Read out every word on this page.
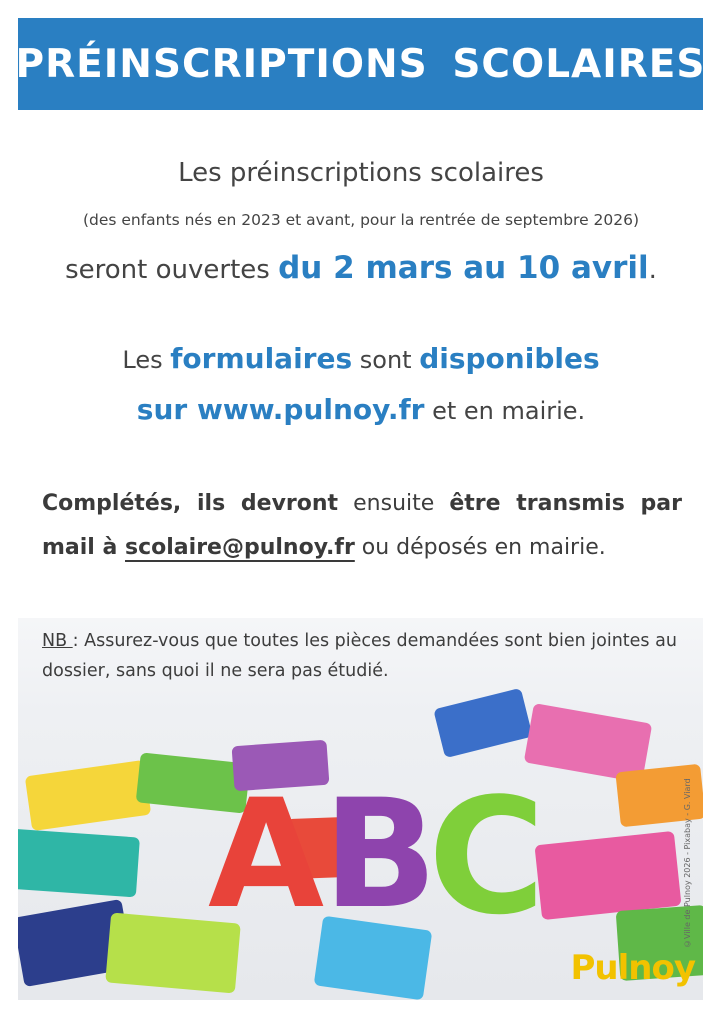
PRÉINSCRIPTIONS SCOLAIRES
Les préinscriptions scolaires
(des enfants nés en 2023 et avant, pour la rentrée de septembre 2026)
seront ouvertes du 2 mars au 10 avril.
Les formulaires sont disponibles
sur www.pulnoy.fr et en mairie.
Complétés, ils devront ensuite être transmis par
mail à scolaire@pulnoy.fr ou déposés en mairie.
NB : Assurez-vous que toutes les pièces demandées sont bien jointes au dossier, sans quoi il ne sera pas étudié.
A
B
C	©Ville de Pulnoy 2026 - Pixabay - G. Viard
Pulnoy
